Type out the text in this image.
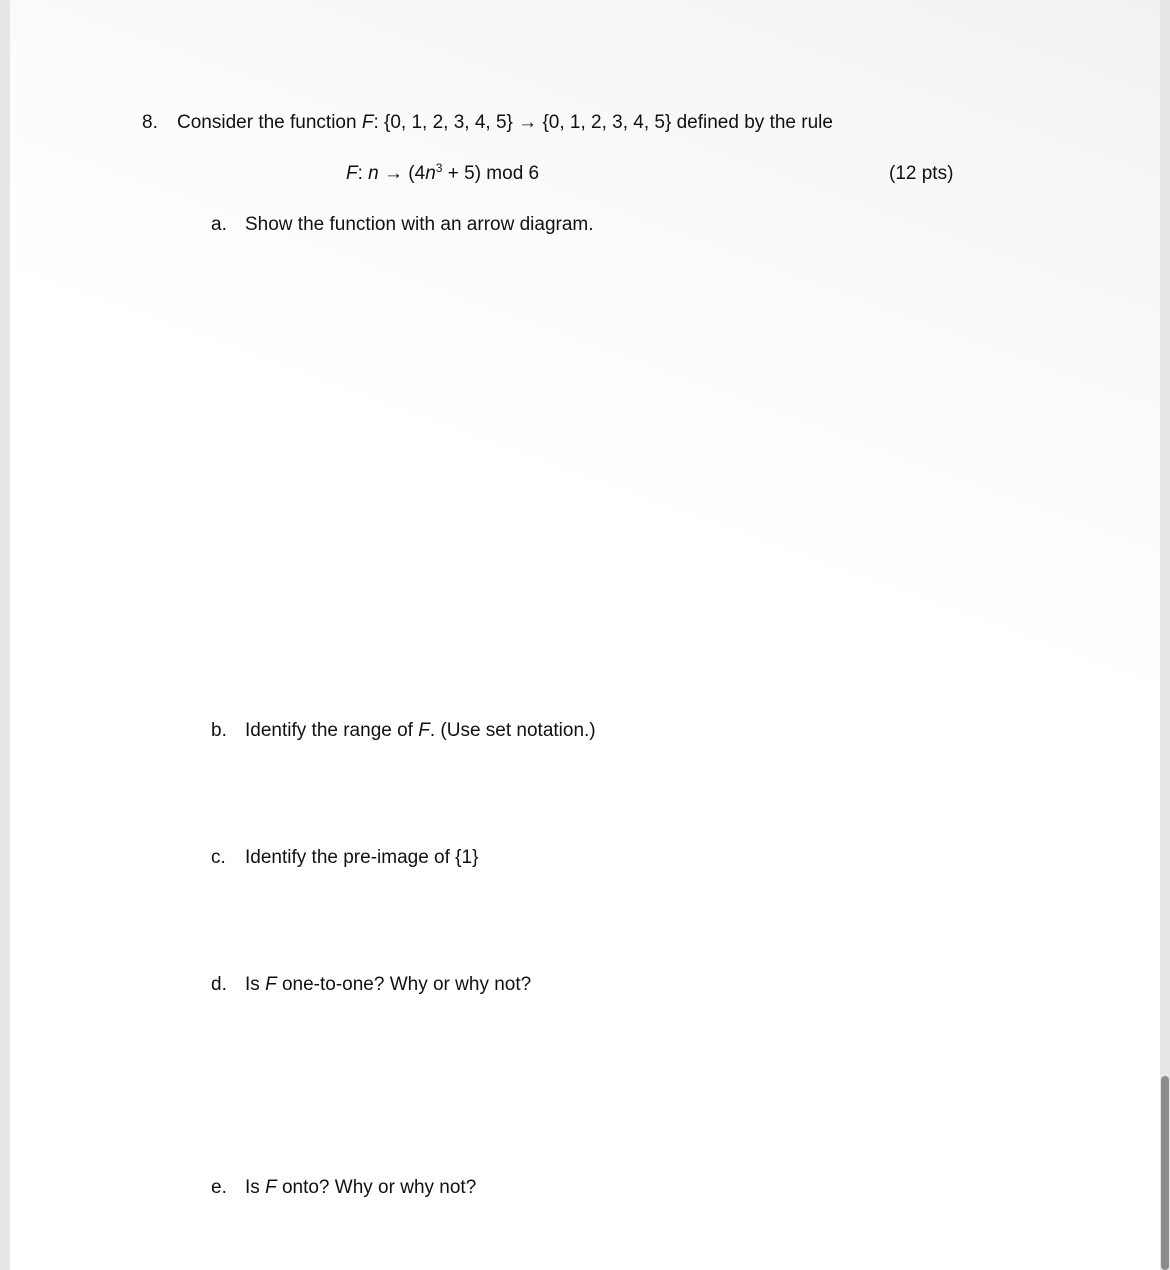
8. Consider the function F: {0, 1, 2, 3, 4, 5} → {0, 1, 2, 3, 4, 5} defined by the rule
F: $n \to (4n^3 + 5)$ mod 6	(12 pts)
a. Show the function with an arrow diagram.
b. Identify the range of F. (Use set notation.)
c. Identify the pre-image of {1}
d. Is F one-to-one? Why or why not?
e. Is F onto? Why or why not?
